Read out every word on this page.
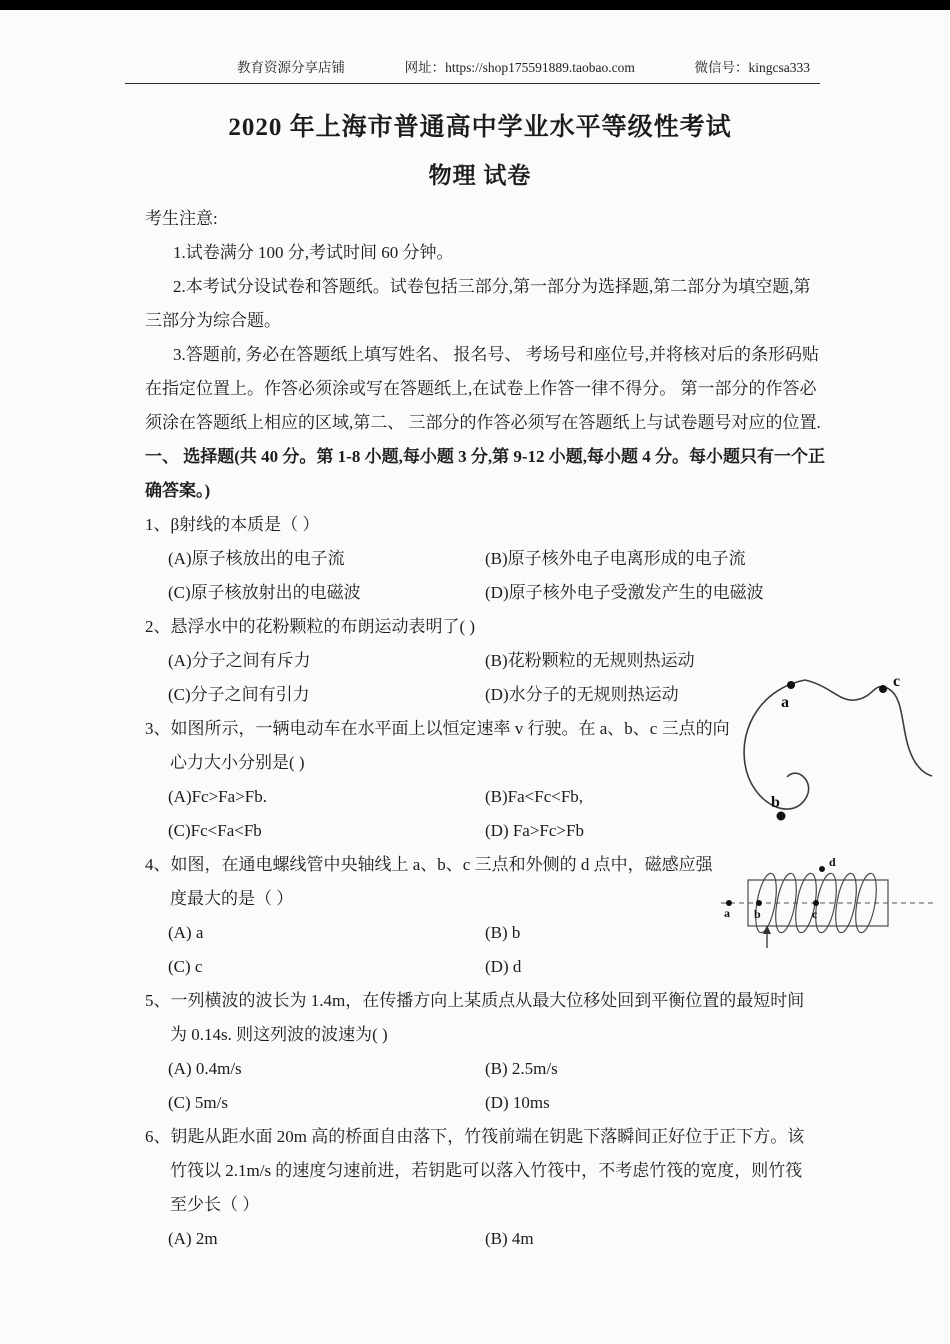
教育资源分享店铺	网址：https://shop175591889.taobao.com	微信号：kingcsa333
2020 年上海市普通高中学业水平等级性考试
物理 试卷
考生注意:
1.试卷满分 100 分,考试时间 60 分钟。
2.本考试分设试卷和答题纸。试卷包括三部分,第一部分为选择题,第二部分为填空题,第
三部分为综合题。
3.答题前, 务必在答题纸上填写姓名、 报名号、 考场号和座位号,并将核对后的条形码贴
在指定位置上。作答必须涂或写在答题纸上,在试卷上作答一律不得分。 第一部分的作答必
须涂在答题纸上相应的区域,第二、 三部分的作答必须写在答题纸上与试卷题号对应的位置.
一、 选择题(共 40 分。第 1-8 小题,每小题 3 分,第 9-12 小题,每小题 4 分。每小题只有一个正
确答案。)
1、β射线的本质是（ ）
(A)原子核放出的电子流	(B)原子核外电子电离形成的电子流
(C)原子核放射出的电磁波	(D)原子核外电子受激发产生的电磁波
2、悬浮水中的花粉颗粒的布朗运动表明了( )
(A)分子之间有斥力	(B)花粉颗粒的无规则热运动
(C)分子之间有引力	(D)水分子的无规则热运动
3、如图所示，一辆电动车在水平面上以恒定速率 v 行驶。在 a、b、c 三点的向
心力大小分别是( )
(A)Fc>Fa>Fb.	(B)Fa<Fc<Fb,
(C)Fc<Fa<Fb	(D) Fa>Fc>Fb
a
b
c
4、如图，在通电螺线管中央轴线上 a、b、c 三点和外侧的 d 点中，磁感应强
度最大的是（ ）
(A) a	(B) b
(C) c	(D) d
a b	c
d
5、一列横波的波长为 1.4m，在传播方向上某质点从最大位移处回到平衡位置的最短时间
为 0.14s. 则这列波的波速为( )
(A) 0.4m/s	(B) 2.5m/s
(C) 5m/s	(D) 10ms
6、钥匙从距水面 20m 高的桥面自由落下，竹筏前端在钥匙下落瞬间正好位于正下方。该
竹筏以 2.1m/s 的速度匀速前进，若钥匙可以落入竹筏中，不考虑竹筏的宽度，则竹筏
至少长（ ）
(A) 2m	(B) 4m
